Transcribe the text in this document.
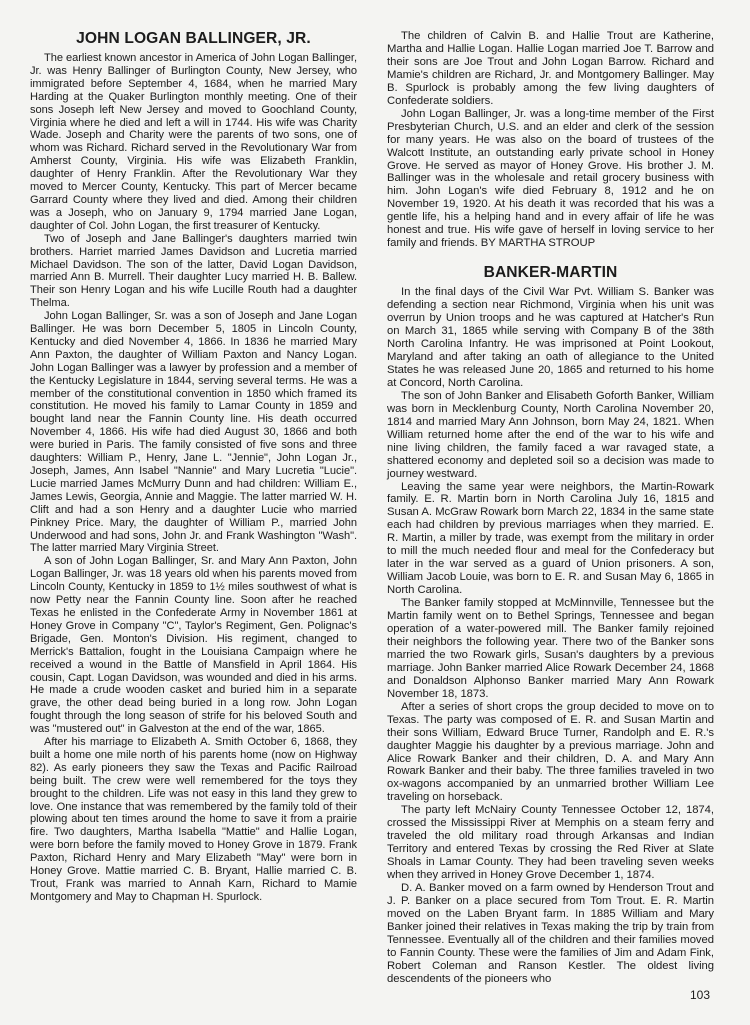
JOHN LOGAN BALLINGER, JR.

The earliest known ancestor in America of John Logan Ballinger, Jr. was Henry Ballinger of Burlington County, New Jersey, who immigrated before September 4, 1684, when he married Mary Harding at the Quaker Burlington monthly meeting. One of their sons Joseph left New Jersey and moved to Goochland County, Virginia where he died and left a will in 1744. His wife was Charity Wade. Joseph and Charity were the parents of two sons, one of whom was Richard. Richard served in the Revolutionary War from Amherst County, Virginia. His wife was Elizabeth Franklin, daughter of Henry Franklin. After the Revolutionary War they moved to Mercer County, Kentucky. This part of Mercer became Garrard County where they lived and died. Among their children was a Joseph, who on January 9, 1794 married Jane Logan, daughter of Col. John Logan, the first treasurer of Kentucky.

Two of Joseph and Jane Ballinger's daughters married twin brothers. Harriet married James Davidson and Lucretia married Michael Davidson. The son of the latter, David Logan Davidson, married Ann B. Murrell. Their daughter Lucy married H. B. Ballew. Their son Henry Logan and his wife Lucille Routh had a daughter Thelma.

John Logan Ballinger, Sr. was a son of Joseph and Jane Logan Ballinger. He was born December 5, 1805 in Lincoln County, Kentucky and died November 4, 1866. In 1836 he married Mary Ann Paxton, the daughter of William Paxton and Nancy Logan. John Logan Ballinger was a lawyer by profession and a member of the Kentucky Legislature in 1844, serving several terms. He was a member of the constitutional convention in 1850 which framed its constitution. He moved his family to Lamar County in 1859 and bought land near the Fannin County line. His death occurred November 4, 1866. His wife had died August 30, 1866 and both were buried in Paris. The family consisted of five sons and three daughters: William P., Henry, Jane L. "Jennie", John Logan Jr., Joseph, James, Ann Isabel "Nannie" and Mary Lucretia "Lucie". Lucie married James McMurry Dunn and had children: William E., James Lewis, Georgia, Annie and Maggie. The latter married W. H. Clift and had a son Henry and a daughter Lucie who married Pinkney Price. Mary, the daughter of William P., married John Underwood and had sons, John Jr. and Frank Washington "Wash". The latter married Mary Virginia Street.

A son of John Logan Ballinger, Sr. and Mary Ann Paxton, John Logan Ballinger, Jr. was 18 years old when his parents moved from Lincoln County, Kentucky in 1859 to 1½ miles southwest of what is now Petty near the Fannin County line. Soon after he reached Texas he enlisted in the Confederate Army in November 1861 at Honey Grove in Company "C", Taylor's Regiment, Gen. Polignac's Brigade, Gen. Monton's Division. His regiment, changed to Merrick's Battalion, fought in the Louisiana Campaign where he received a wound in the Battle of Mansfield in April 1864. His cousin, Capt. Logan Davidson, was wounded and died in his arms. He made a crude wooden casket and buried him in a separate grave, the other dead being buried in a long row. John Logan fought through the long season of strife for his beloved South and was "mustered out" in Galveston at the end of the war, 1865.

After his marriage to Elizabeth A. Smith October 6, 1868, they built a home one mile north of his parents home (now on Highway 82). As early pioneers they saw the Texas and Pacific Railroad being built. The crew were well remembered for the toys they brought to the children. Life was not easy in this land they grew to love. One instance that was remembered by the family told of their plowing about ten times around the home to save it from a prairie fire. Two daughters, Martha Isabella "Mattie" and Hallie Logan, were born before the family moved to Honey Grove in 1879. Frank Paxton, Richard Henry and Mary Elizabeth "May" were born in Honey Grove. Mattie married C. B. Bryant, Hallie married C. B. Trout, Frank was married to Annah Karn, Richard to Mamie Montgomery and May to Chapman H. Spurlock.

The children of Calvin B. and Hallie Trout are Katherine, Martha and Hallie Logan. Hallie Logan married Joe T. Barrow and their sons are Joe Trout and John Logan Barrow. Richard and Mamie's children are Richard, Jr. and Montgomery Ballinger. May B. Spurlock is probably among the few living daughters of Confederate soldiers.

John Logan Ballinger, Jr. was a long-time member of the First Presbyterian Church, U.S. and an elder and clerk of the session for many years. He was also on the board of trustees of the Walcott Institute, an outstanding early private school in Honey Grove. He served as mayor of Honey Grove. His brother J. M. Ballinger was in the wholesale and retail grocery business with him. John Logan's wife died February 8, 1912 and he on November 19, 1920. At his death it was recorded that his was a gentle life, his a helping hand and in every affair of life he was honest and true. His wife gave of herself in loving service to her family and friends. BY MARTHA STROUP

BANKER-MARTIN

In the final days of the Civil War Pvt. William S. Banker was defending a section near Richmond, Virginia when his unit was overrun by Union troops and he was captured at Hatcher's Run on March 31, 1865 while serving with Company B of the 38th North Carolina Infantry. He was imprisoned at Point Lookout, Maryland and after taking an oath of allegiance to the United States he was released June 20, 1865 and returned to his home at Concord, North Carolina.

The son of John Banker and Elisabeth Goforth Banker, William was born in Mecklenburg County, North Carolina November 20, 1814 and married Mary Ann Johnson, born May 24, 1821. When William returned home after the end of the war to his wife and nine living children, the family faced a war ravaged state, a shattered economy and depleted soil so a decision was made to journey westward.

Leaving the same year were neighbors, the Martin-Rowark family. E. R. Martin born in North Carolina July 16, 1815 and Susan A. McGraw Rowark born March 22, 1834 in the same state each had children by previous marriages when they married. E. R. Martin, a miller by trade, was exempt from the military in order to mill the much needed flour and meal for the Confederacy but later in the war served as a guard of Union prisoners. A son, William Jacob Louie, was born to E. R. and Susan May 6, 1865 in North Carolina.

The Banker family stopped at McMinnville, Tennessee but the Martin family went on to Bethel Springs, Tennessee and began operation of a water-powered mill. The Banker family rejoined their neighbors the following year. There two of the Banker sons married the two Rowark girls, Susan's daughters by a previous marriage. John Banker married Alice Rowark December 24, 1868 and Donaldson Alphonso Banker married Mary Ann Rowark November 18, 1873.

After a series of short crops the group decided to move on to Texas. The party was composed of E. R. and Susan Martin and their sons William, Edward Bruce Turner, Randolph and E. R.'s daughter Maggie his daughter by a previous marriage. John and Alice Rowark Banker and their children, D. A. and Mary Ann Rowark Banker and their baby. The three families traveled in two ox-wagons accompanied by an unmarried brother William Lee traveling on horseback.

The party left McNairy County Tennessee October 12, 1874, crossed the Mississippi River at Memphis on a steam ferry and traveled the old military road through Arkansas and Indian Territory and entered Texas by crossing the Red River at Slate Shoals in Lamar County. They had been traveling seven weeks when they arrived in Honey Grove December 1, 1874.

D. A. Banker moved on a farm owned by Henderson Trout and J. P. Banker on a place secured from Tom Trout. E. R. Martin moved on the Laben Bryant farm. In 1885 William and Mary Banker joined their relatives in Texas making the trip by train from Tennessee. Eventually all of the children and their families moved to Fannin County. These were the families of Jim and Adam Fink, Robert Coleman and Ranson Kestler. The oldest living descendents of the pioneers who

103
